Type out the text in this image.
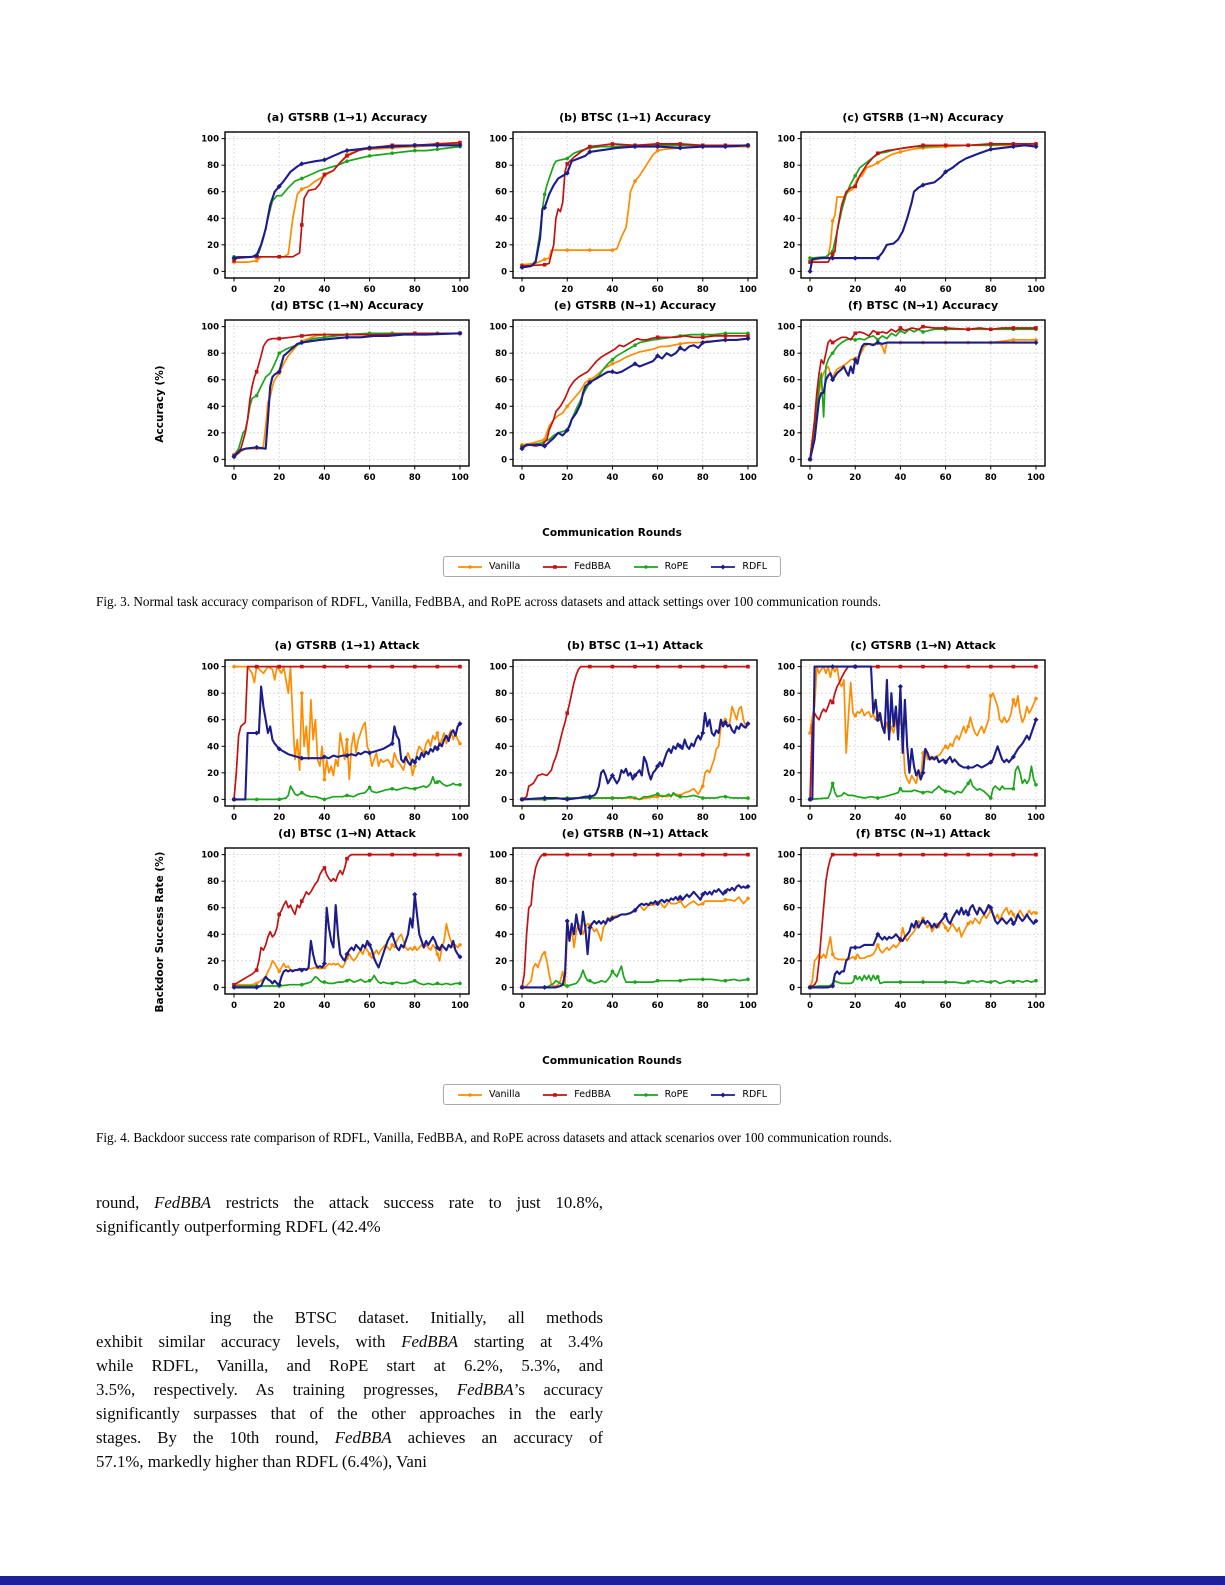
Accuracy (%)
(a) GTSRB (1→1) Accuracy
0	20	40	60	80	100
0
20
40
60
80
100
(b) BTSC (1→1) Accuracy
0	20	40	60	80	100
0
20
40
60
80
100
(c) GTSRB (1→N) Accuracy
0	20	40	60	80	100
0
20
40
60
80
100
(d) BTSC (1→N) Accuracy
0	20	40	60	80	100
0
20
40
60
80
100
(e) GTSRB (N→1) Accuracy
0	20	40	60	80	100
0
20
40
60
80
100
(f) BTSC (N→1) Accuracy
0	20	40	60	80	100
0
20
40
60
80
100
Communication Rounds
Vanilla	FedBBA	RoPE	RDFL
Fig. 3. Normal task accuracy comparison of RDFL, Vanilla, FedBBA, and RoPE across datasets and attack settings over 100 communication rounds.
Backdoor Success Rate (%)
(a) GTSRB (1→1) Attack
0	20	40	60	80	100
0
20
40
60
80
100
(b) BTSC (1→1) Attack
0	20	40	60	80	100
0
20
40
60
80
100
(c) GTSRB (1→N) Attack
0	20	40	60	80	100
0
20
40
60
80
100
(d) BTSC (1→N) Attack
0	20	40	60	80	100
0
20
40
60
80
100
(e) GTSRB (N→1) Attack
0	20	40	60	80	100
0
20
40
60
80
100
(f) BTSC (N→1) Attack
0	20	40	60	80	100
0
20
40
60
80
100
Communication Rounds
Vanilla	FedBBA	RoPE	RDFL
Fig. 4. Backdoor success rate comparison of RDFL, Vanilla, FedBBA, and RoPE across datasets and attack scenarios over 100 communication rounds.
round, FedBBA restricts the attack success rate to just 10.8%,
significantly outperforming RDFL (42.4%
ing the BTSC dataset. Initially, all methods
exhibit similar accuracy levels, with FedBBA starting at 3.4%
while RDFL, Vanilla, and RoPE start at 6.2%, 5.3%, and
3.5%, respectively. As training progresses, FedBBA’s accuracy
significantly surpasses that of the other approaches in the early
stages. By the 10th round, FedBBA achieves an accuracy of
57.1%, markedly higher than RDFL (6.4%), Vani
